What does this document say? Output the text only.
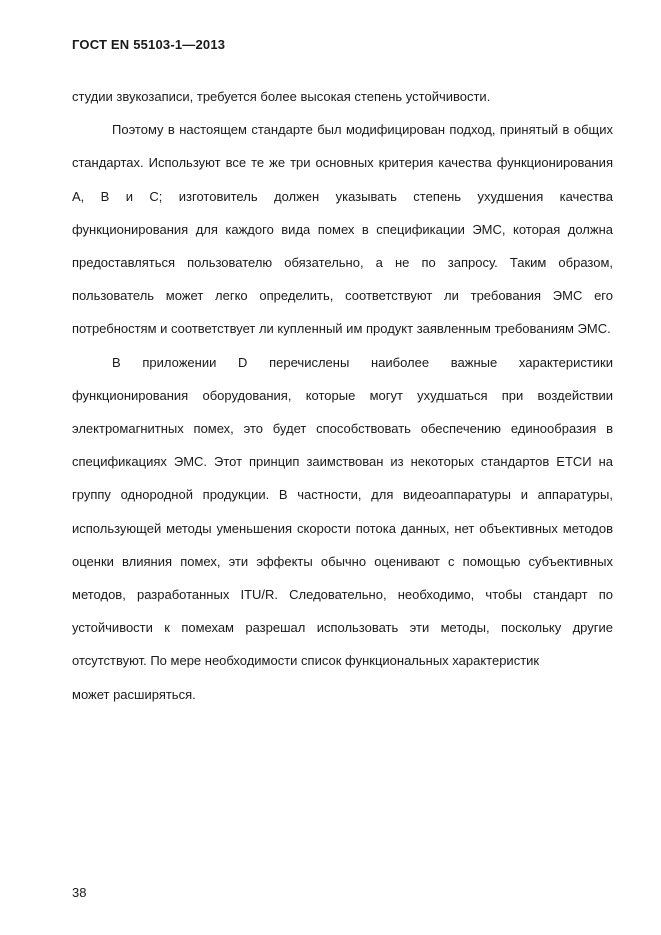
ГОСТ EN 55103-1—2013

студии звукозаписи, требуется более высокая степень устойчивости.

Поэтому в настоящем стандарте был модифицирован подход, принятый в общих стандартах. Используют все те же три основных критерия качества функционирования А, В и С; изготовитель должен указывать степень ухудшения качества функционирования для каждого вида помех в спецификации ЭМС, которая должна предоставляться пользователю обязательно, а не по запросу. Таким образом, пользователь может легко определить, соответствуют ли требования ЭМС его потребностям и соответствует ли купленный им продукт заявленным требованиям ЭМС.

В приложении D перечислены наиболее важные характеристики функционирования оборудования, которые могут ухудшаться при воздействии электромагнитных помех, это будет способствовать обеспечению единообразия в спецификациях ЭМС. Этот принцип заимствован из некоторых стандартов ETCИ на группу однородной продукции. В частности, для видеоаппаратуры и аппаратуры, использующей методы уменьшения скорости потока данных, нет объективных методов оценки влияния помех, эти эффекты обычно оценивают с помощью субъективных методов, разработанных ITU/R. Следовательно, необходимо, чтобы стандарт по устойчивости к помехам разрешал использовать эти методы, поскольку другие отсутствуют. По мере необходимости список функциональных характеристик

может расширяться.

38
